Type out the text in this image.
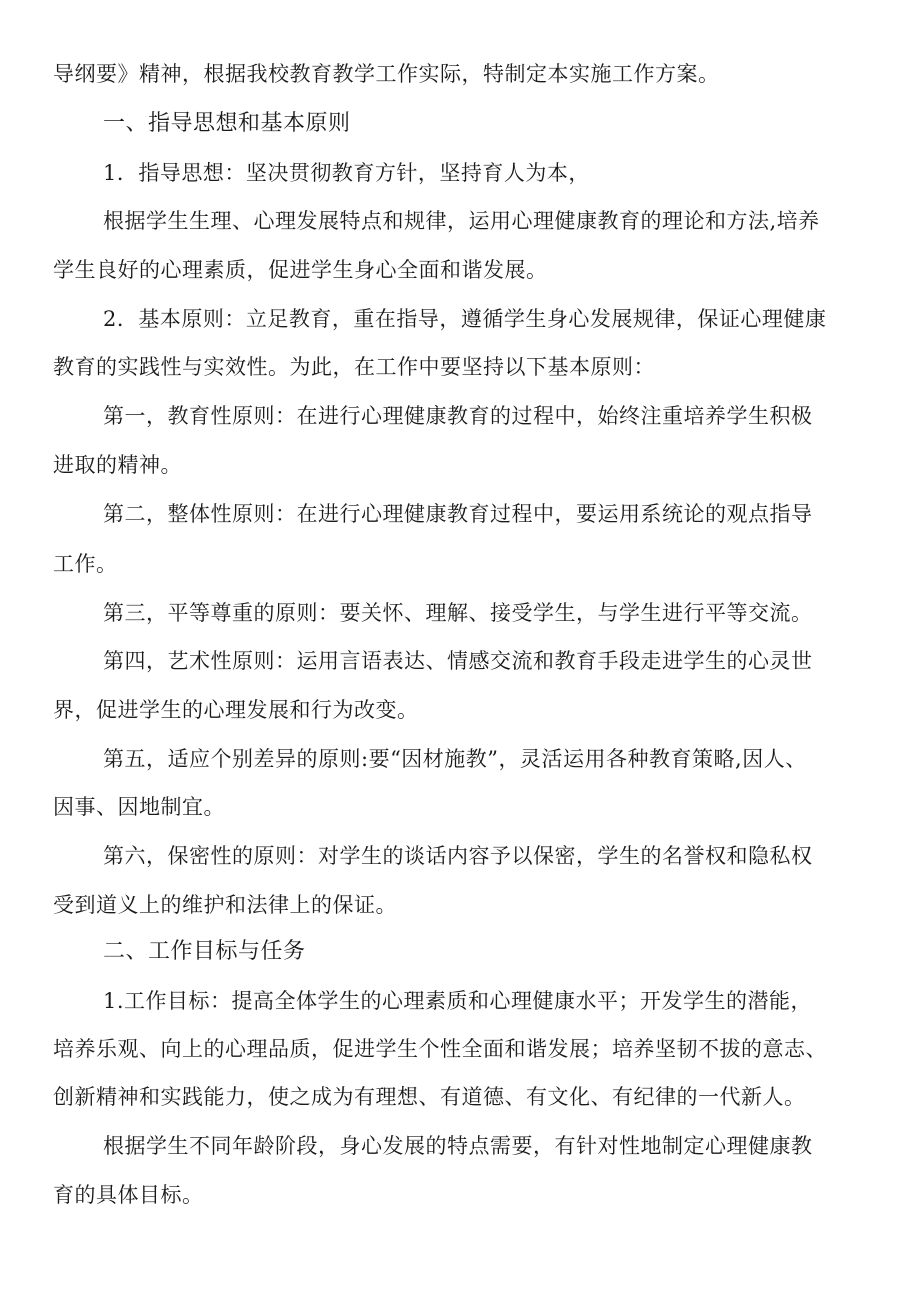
导纲要》精神，根据我校教育教学工作实际，特制定本实施工作方案。
一、指导思想和基本原则
1．指导思想：坚决贯彻教育方针，坚持育人为本，
根据学生生理、心理发展特点和规律，运用心理健康教育的理论和方法,培养
学生良好的心理素质，促进学生身心全面和谐发展。
2．基本原则：立足教育，重在指导，遵循学生身心发展规律，保证心理健康
教育的实践性与实效性。为此，在工作中要坚持以下基本原则：
第一，教育性原则：在进行心理健康教育的过程中，始终注重培养学生积极
进取的精神。
第二，整体性原则：在进行心理健康教育过程中，要运用系统论的观点指导
工作。
第三，平等尊重的原则：要关怀、理解、接受学生，与学生进行平等交流。
第四，艺术性原则：运用言语表达、情感交流和教育手段走进学生的心灵世
界，促进学生的心理发展和行为改变。
第五，适应个别差异的原则:要“因材施教”，灵活运用各种教育策略,因人、
因事、因地制宜。
第六，保密性的原则：对学生的谈话内容予以保密，学生的名誉权和隐私权
受到道义上的维护和法律上的保证。
二、工作目标与任务
1.工作目标：提高全体学生的心理素质和心理健康水平；开发学生的潜能，
培养乐观、向上的心理品质，促进学生个性全面和谐发展；培养坚韧不拔的意志、
创新精神和实践能力，使之成为有理想、有道德、有文化、有纪律的一代新人。
根据学生不同年龄阶段，身心发展的特点需要，有针对性地制定心理健康教
育的具体目标。
